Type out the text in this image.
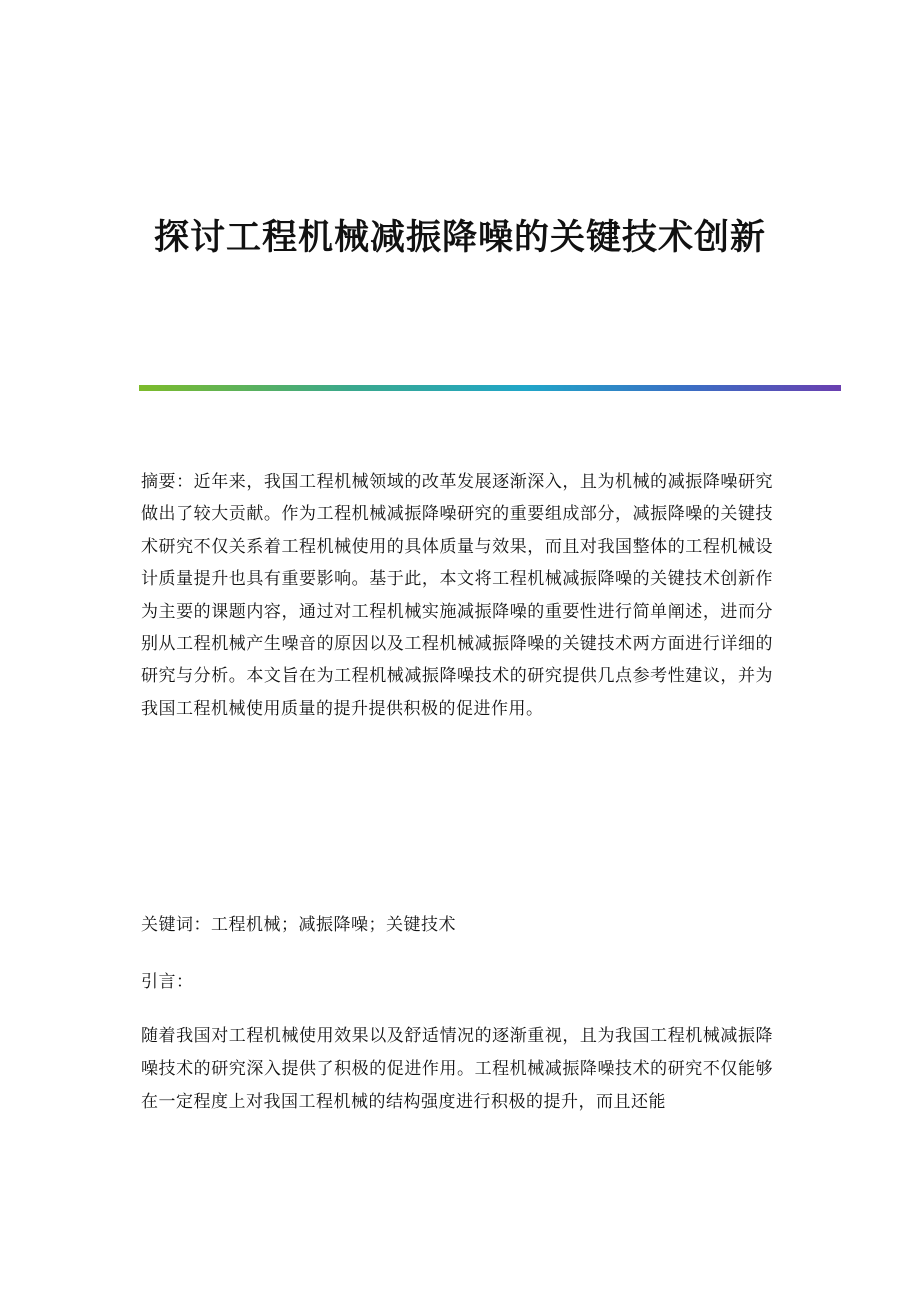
探讨工程机械减振降噪的关键技术创新

摘要：近年来，我国工程机械领域的改革发展逐渐深入，且为机械的减振降噪研究做出了较大贡献。作为工程机械减振降噪研究的重要组成部分，减振降噪的关键技术研究不仅关系着工程机械使用的具体质量与效果，而且对我国整体的工程机械设计质量提升也具有重要影响。基于此，本文将工程机械减振降噪的关键技术创新作为主要的课题内容，通过对工程机械实施减振降噪的重要性进行简单阐述，进而分别从工程机械产生噪音的原因以及工程机械减振降噪的关键技术两方面进行详细的研究与分析。本文旨在为工程机械减振降噪技术的研究提供几点参考性建议，并为我国工程机械使用质量的提升提供积极的促进作用。

关键词：工程机械；减振降噪；关键技术

引言：

随着我国对工程机械使用效果以及舒适情况的逐渐重视，且为我国工程机械减振降噪技术的研究深入提供了积极的促进作用。工程机械减振降噪技术的研究不仅能够在一定程度上对我国工程机械的结构强度进行积极的提升，而且还能
